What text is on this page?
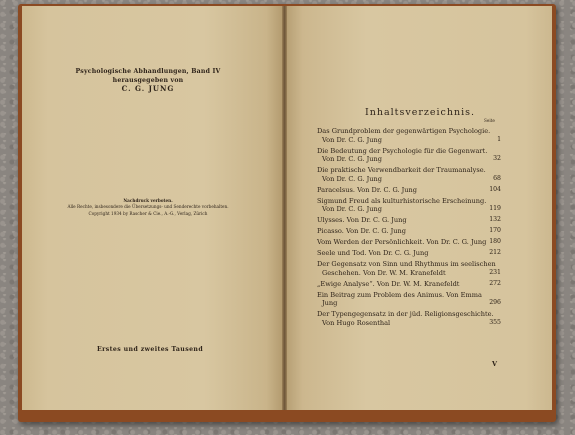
Psychologische Abhandlungen, Band IV
herausgegeben von
C. G. JUNG
Nachdruck verboten.
Alle Rechte, insbesondere die Übersetzungs- und Senderechte vorbehalten.
Copyright 1934 by Rascher & Cie., A.-G., Verlag, Zürich
Erstes und zweites Tausend
Inhaltsverzeichnis.
Seite
Das Grundproblem der gegenwärtigen Psychologie.
Von Dr. C. G. Jung	1
Die Bedeutung der Psychologie für die Gegenwart.
Von Dr. C. G. Jung	32
Die praktische Verwendbarkeit der Traumanalyse.
Von Dr. C. G. Jung	68
Paracelsus. Von Dr. C. G. Jung	104
Sigmund Freud als kulturhistorische Erscheinung.
Von Dr. C. G. Jung	119
Ulysses. Von Dr. C. G. Jung	132
Picasso. Von Dr. C. G. Jung	170
Vom Werden der Persönlichkeit. Von Dr. C. G. Jung 180
Seele und Tod. Von Dr. C. G. Jung	212
Der Gegensatz von Sinn und Rhythmus im seelischen
Geschehen. Von Dr. W. M. Kranefeldt	231
„Ewige Analyse“. Von Dr. W. M. Kranefeldt	272
Ein Beitrag zum Problem des Animus. Von Emma
Jung	296
Der Typengegensatz in der jüd. Religionsgeschichte.
Von Hugo Rosenthal	355
V
